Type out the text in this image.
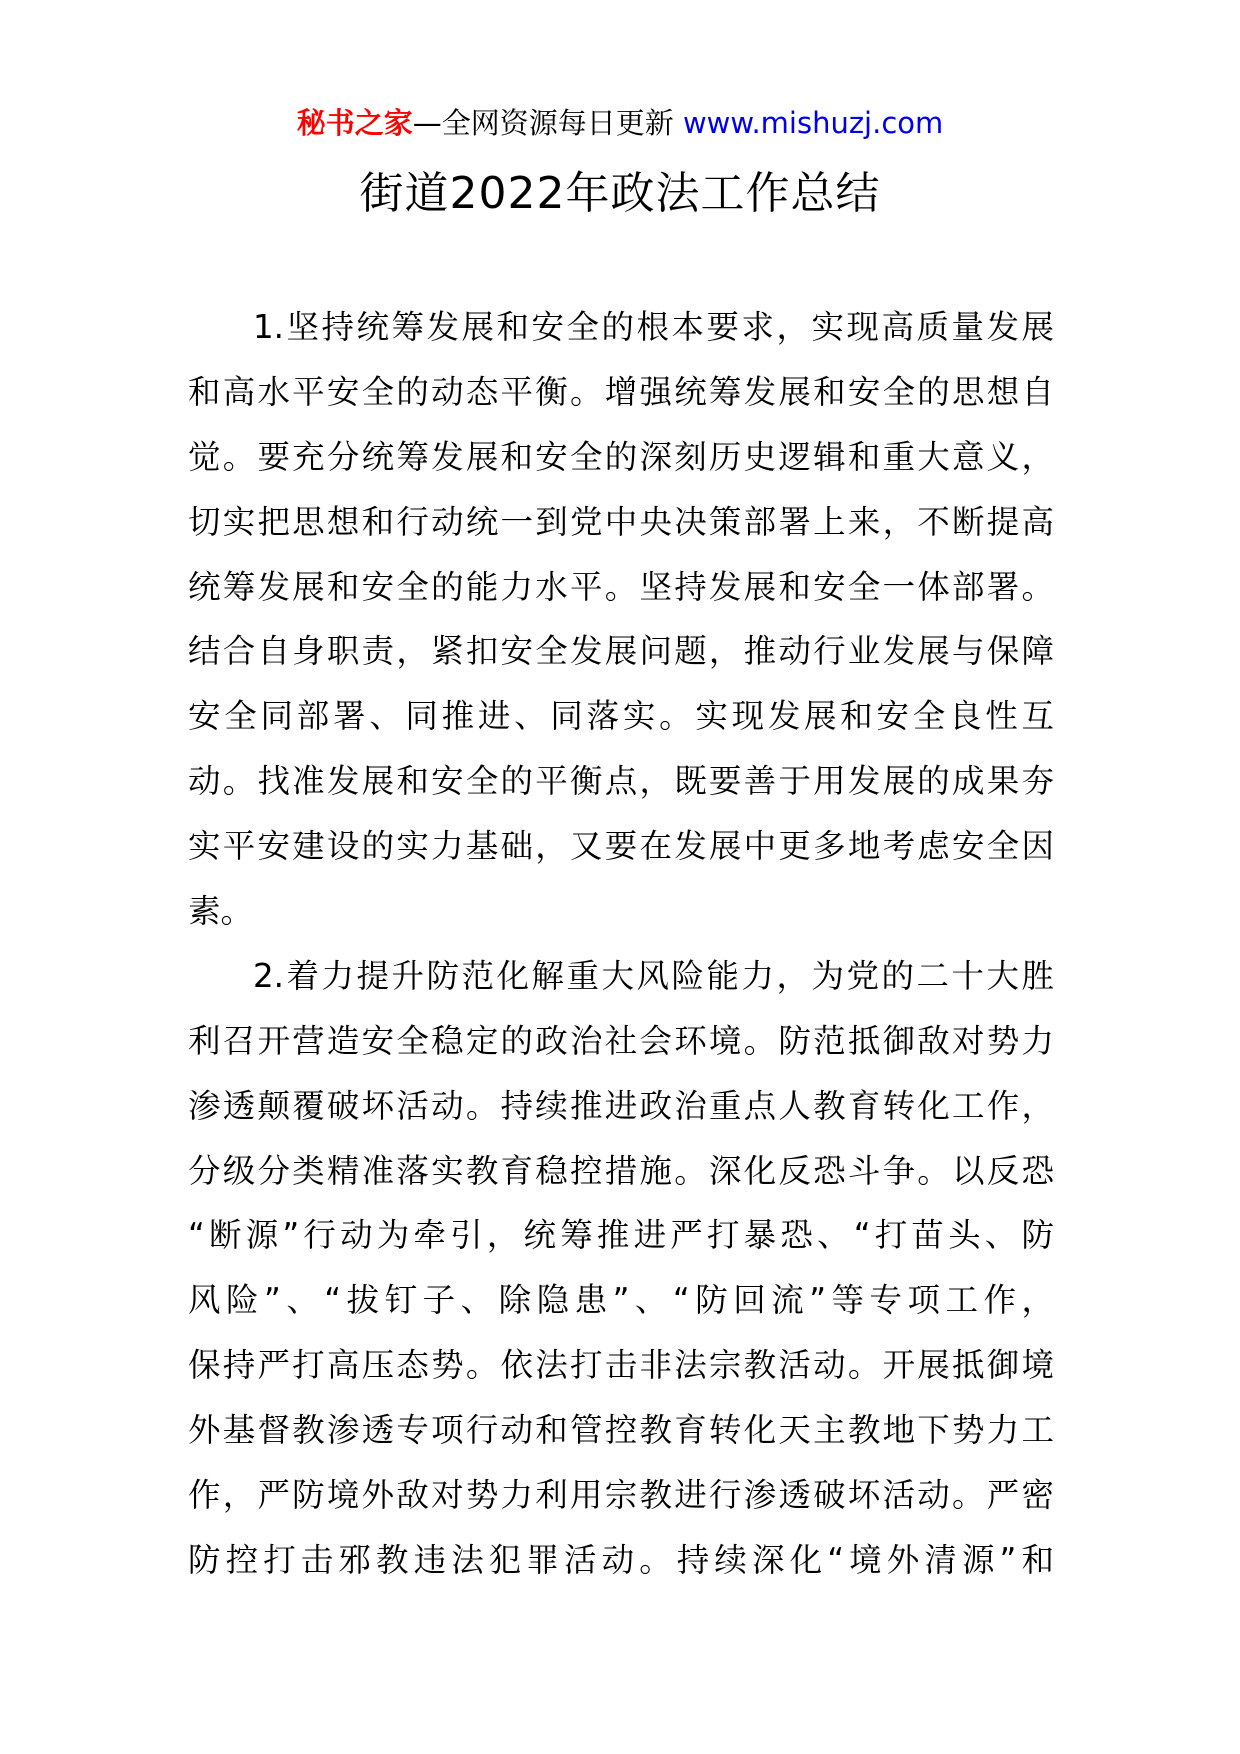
秘书之家—全网资源每日更新 www.mishuzj.com
街道2022年政法工作总结
1.坚持统筹发展和安全的根本要求，实现高质量发展
和高水平安全的动态平衡。增强统筹发展和安全的思想自
觉。要充分统筹发展和安全的深刻历史逻辑和重大意义，
切实把思想和行动统一到党中央决策部署上来，不断提高
统筹发展和安全的能力水平。坚持发展和安全一体部署。
结合自身职责，紧扣安全发展问题，推动行业发展与保障
安全同部署、同推进、同落实。实现发展和安全良性互
动。找准发展和安全的平衡点，既要善于用发展的成果夯
实平安建设的实力基础，又要在发展中更多地考虑安全因
素。
2.着力提升防范化解重大风险能力，为党的二十大胜
利召开营造安全稳定的政治社会环境。防范抵御敌对势力
渗透颠覆破坏活动。持续推进政治重点人教育转化工作，
分级分类精准落实教育稳控措施。深化反恐斗争。以反恐
“断源”行动为牵引，统筹推进严打暴恐、“打苗头、防
风险”、“拔钉子、除隐患”、“防回流”等专项工作，
保持严打高压态势。依法打击非法宗教活动。开展抵御境
外基督教渗透专项行动和管控教育转化天主教地下势力工
作，严防境外敌对势力利用宗教进行渗透破坏活动。严密
防控打击邪教违法犯罪活动。持续深化“境外清源”和
